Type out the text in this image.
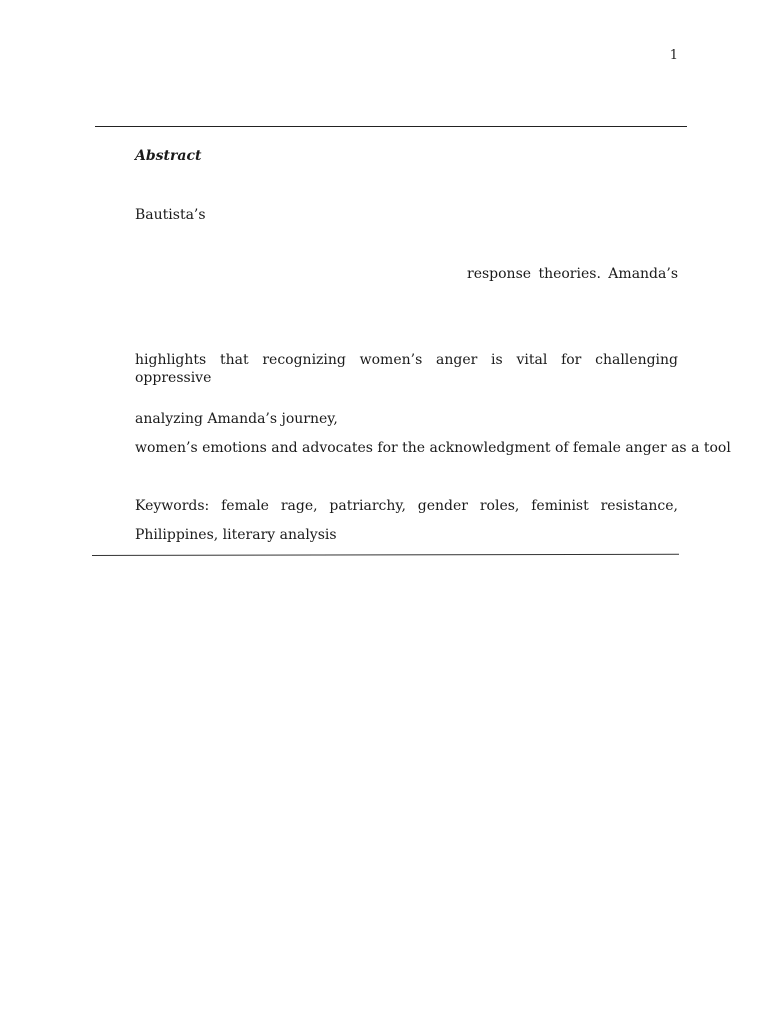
1
Abstract
Bautista’s
response theories. Amanda’s
highlights that recognizing women’s anger is vital for challenging oppressive
analyzing Amanda’s journey,
women’s emotions and advocates for the acknowledgment of female anger as a tool
Keywords: female rage, patriarchy, gender roles, feminist resistance,
Philippines, literary analysis
